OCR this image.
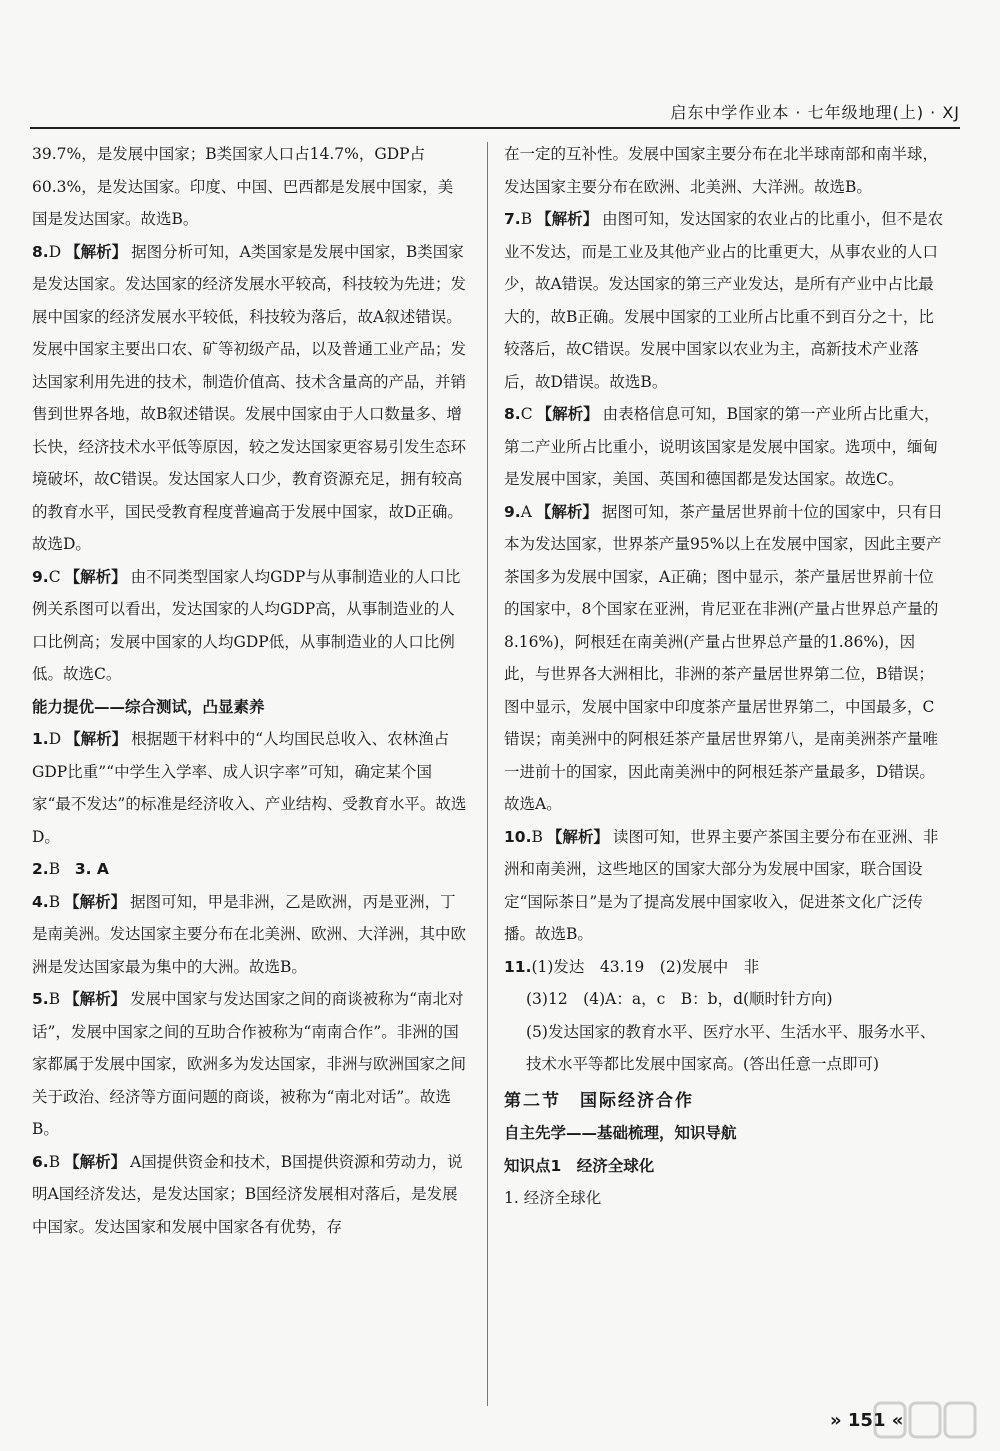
启东中学作业本 · 七年级地理(上) · XJ

39.7%，是发展中国家；B类国家人口占14.7%，GDP占60.3%，是发达国家。印度、中国、巴西都是发展中国家，美国是发达国家。故选B。

8.D 【解析】 据图分析可知，A类国家是发展中国家，B类国家是发达国家。发达国家的经济发展水平较高，科技较为先进；发展中国家的经济发展水平较低，科技较为落后，故A叙述错误。发展中国家主要出口农、矿等初级产品，以及普通工业产品；发达国家利用先进的技术，制造价值高、技术含量高的产品，并销售到世界各地，故B叙述错误。发展中国家由于人口数量多、增长快，经济技术水平低等原因，较之发达国家更容易引发生态环境破坏，故C错误。发达国家人口少，教育资源充足，拥有较高的教育水平，国民受教育程度普遍高于发展中国家，故D正确。故选D。

9.C 【解析】 由不同类型国家人均GDP与从事制造业的人口比例关系图可以看出，发达国家的人均GDP高，从事制造业的人口比例高；发展中国家的人均GDP低，从事制造业的人口比例低。故选C。

能力提优——综合测试，凸显素养

1.D 【解析】 根据题干材料中的“人均国民总收入、农林渔占GDP比重”“中学生入学率、成人识字率”可知，确定某个国家“最不发达”的标准是经济收入、产业结构、受教育水平。故选D。

2.B 3. A

4.B 【解析】 据图可知，甲是非洲，乙是欧洲，丙是亚洲，丁是南美洲。发达国家主要分布在北美洲、欧洲、大洋洲，其中欧洲是发达国家最为集中的大洲。故选B。

5.B 【解析】 发展中国家与发达国家之间的商谈被称为“南北对话”，发展中国家之间的互助合作被称为“南南合作”。非洲的国家都属于发展中国家，欧洲多为发达国家，非洲与欧洲国家之间关于政治、经济等方面问题的商谈，被称为“南北对话”。故选B。

6.B 【解析】 A国提供资金和技术，B国提供资源和劳动力，说明A国经济发达，是发达国家；B国经济发展相对落后，是发展中国家。发达国家和发展中国家各有优势，存

在一定的互补性。发展中国家主要分布在北半球南部和南半球，发达国家主要分布在欧洲、北美洲、大洋洲。故选B。

7.B 【解析】 由图可知，发达国家的农业占的比重小，但不是农业不发达，而是工业及其他产业占的比重更大，从事农业的人口少，故A错误。发达国家的第三产业发达，是所有产业中占比最大的，故B正确。发展中国家的工业所占比重不到百分之十，比较落后，故C错误。发展中国家以农业为主，高新技术产业落后，故D错误。故选B。

8.C 【解析】 由表格信息可知，B国家的第一产业所占比重大，第二产业所占比重小，说明该国家是发展中国家。选项中，缅甸是发展中国家，美国、英国和德国都是发达国家。故选C。

9.A 【解析】 据图可知，茶产量居世界前十位的国家中，只有日本为发达国家，世界茶产量95%以上在发展中国家，因此主要产茶国多为发展中国家，A正确；图中显示，茶产量居世界前十位的国家中，8个国家在亚洲，肯尼亚在非洲(产量占世界总产量的8.16%)，阿根廷在南美洲(产量占世界总产量的1.86%)，因此，与世界各大洲相比，非洲的茶产量居世界第二位，B错误；图中显示，发展中国家中印度茶产量居世界第二，中国最多，C错误；南美洲中的阿根廷茶产量居世界第八，是南美洲茶产量唯一进前十的国家，因此南美洲中的阿根廷茶产量最多，D错误。故选A。

10.B 【解析】 读图可知，世界主要产茶国主要分布在亚洲、非洲和南美洲，这些地区的国家大部分为发展中国家，联合国设定“国际茶日”是为了提高发展中国家收入，促进茶文化广泛传播。故选B。

11.(1)发达　43.19　(2)发展中　非

(3)12　(4)A：a，c　B：b，d(顺时针方向)

(5)发达国家的教育水平、医疗水平、生活水平、服务水平、技术水平等都比发展中国家高。(答出任意一点即可)

第二节　国际经济合作

自主先学——基础梳理，知识导航

知识点1　经济全球化

1. 经济全球化

» 151 «
